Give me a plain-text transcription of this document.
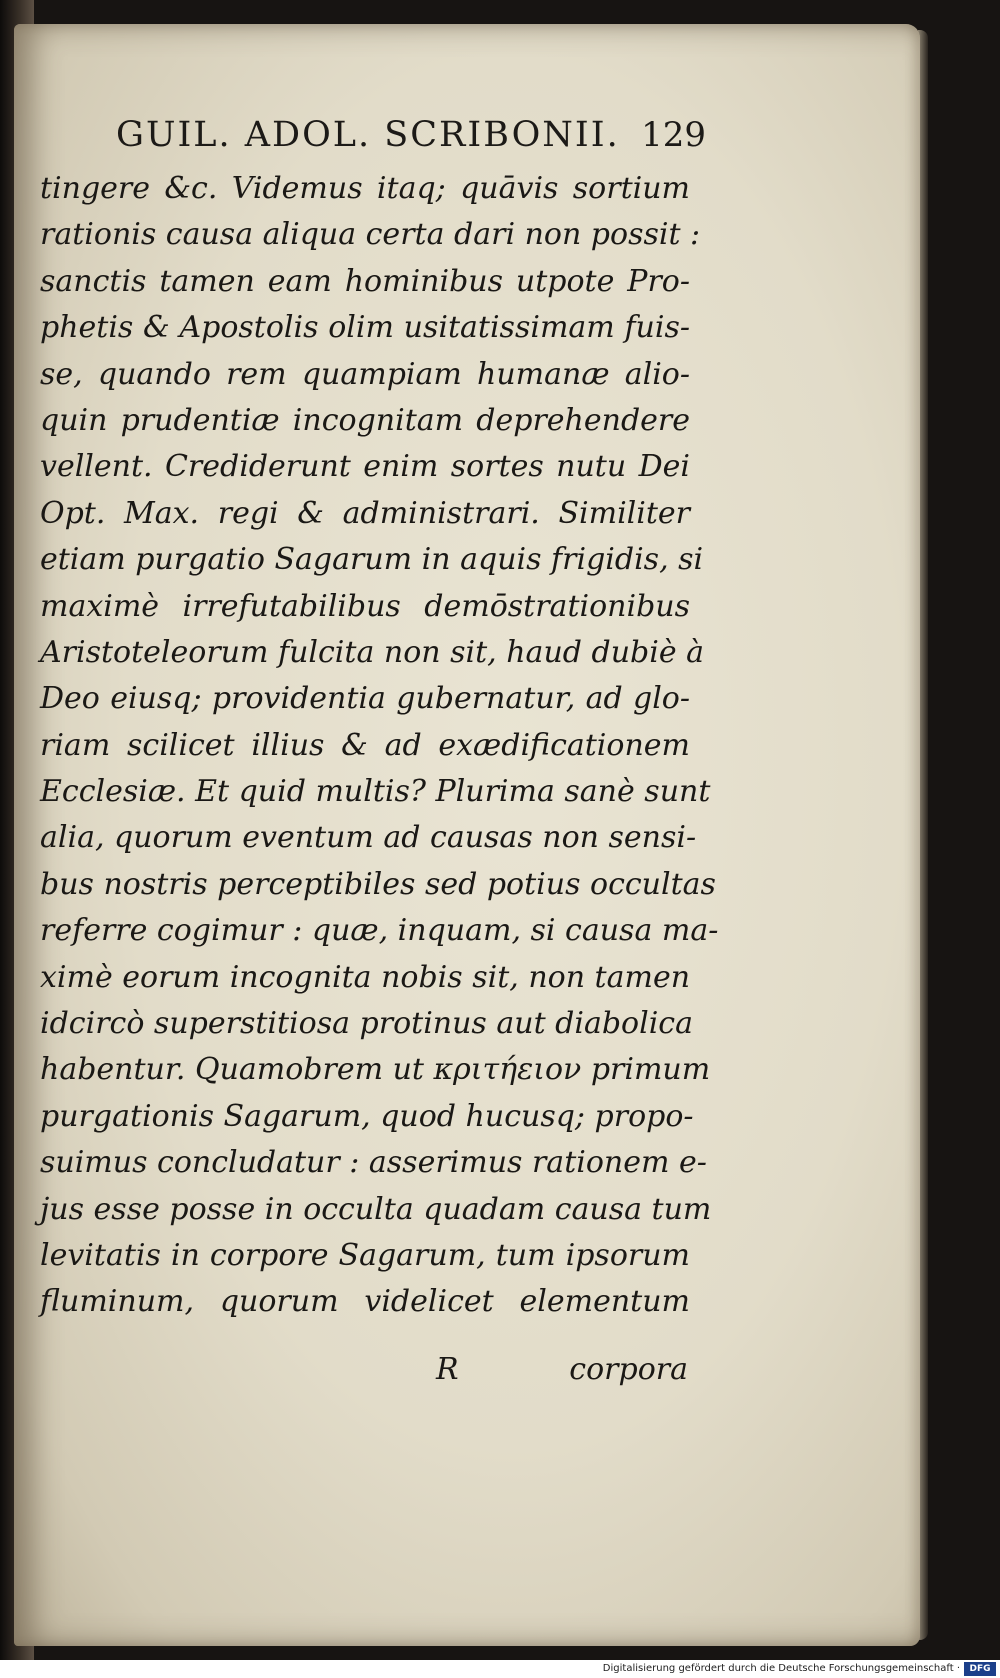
GUIL. ADOL. SCRIBONII. 129
tingere &c. Videmus itaq; quāvis sortium
rationis causa aliqua certa dari non possit :
sanctis tamen eam hominibus utpote Pro-
phetis & Apostolis olim usitatissimam fuis-
se, quando rem quampiam humanæ alio-
quin prudentiæ incognitam deprehendere
vellent. Crediderunt enim sortes nutu Dei
Opt. Max. regi & administrari. Similiter
etiam purgatio Sagarum in aquis frigidis, si
maximè irrefutabilibus demōstrationibus
Aristoteleorum fulcita non sit, haud dubiè à
Deo eiusq; providentia gubernatur, ad glo-
riam scilicet illius & ad exædificationem
Ecclesiæ. Et quid multis? Plurima sanè sunt
alia, quorum eventum ad causas non sensi-
bus nostris perceptibiles sed potius occultas
referre cogimur : quæ, inquam, si causa ma-
ximè eorum incognita nobis sit, non tamen
idcircò superstitiosa protinus aut diabolica
habentur. Quamobrem ut κριτήειον primum
purgationis Sagarum, quod hucusq; propo-
suimus concludatur : asserimus rationem e-
jus esse posse in occulta quadam causa tum
levitatis in corpore Sagarum, tum ipsorum
fluminum, quorum videlicet elementum
R	corpora
Digitalisierung gefördert durch die Deutsche Forschungsgemeinschaft ·	DFG
